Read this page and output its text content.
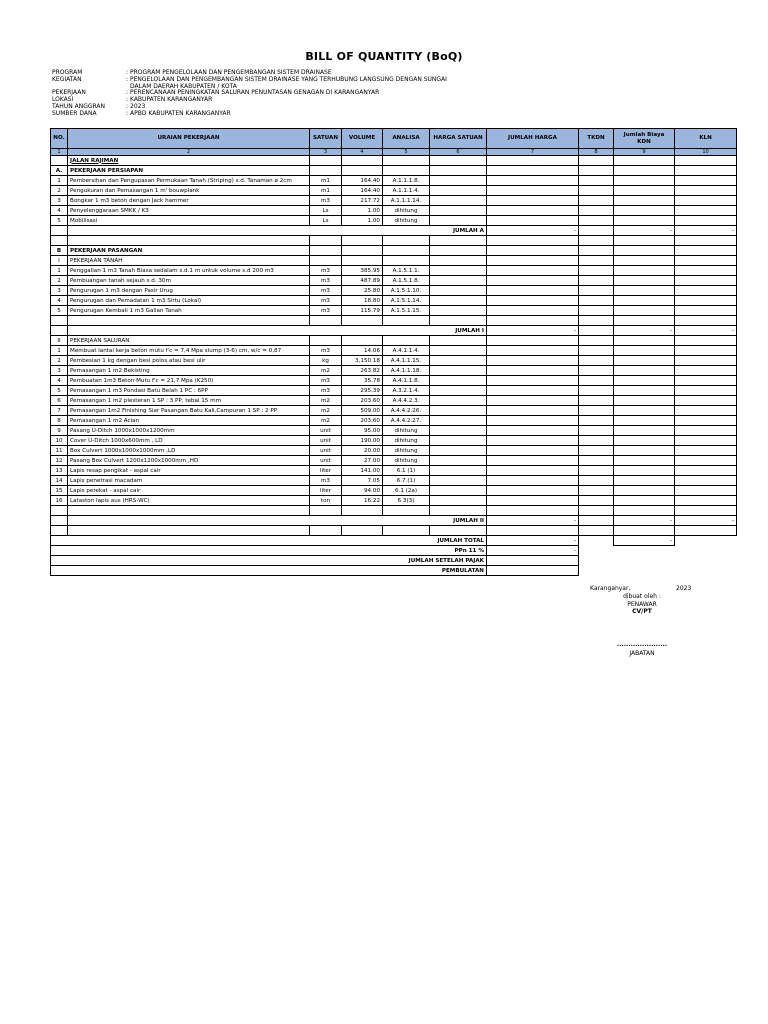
BILL OF QUANTITY (BoQ)
PROGRAM	: PROGRAM PENGELOLAAN DAN PENGEMBANGAN SISTEM DRAINASE
KEGIATAN	: PENGELOLAAN DAN PENGEMBANGAN SISTEM DRAINASE YANG TERHUBUNG LANGSUNG DENGAN SUNGAI
DALAM DAERAH KABUPATEN / KOTA
PEKERJAAN	: PERENCANAAN PENINGKATAN SALURAN PENUNTASAN GENAGAN DI KARANGANYAR
LOKASI	: KABUPATEN KARANGANYAR
TAHUN ANGGRAN	: 2023
SUMBER DANA	: APBD KABUPATEN KARANGANYAR
NO.	URAIAN PEKERJAAN	SATUAN	VOLUME	ANALISA	HARGA SATUAN	JUMLAH HARGA	TKDN	Jumlah Biaya KDN	KLN
1	2	3	4	5	6	7	8	9	10
	JALAN RAJIMAN								
A.	PEKERJAAN PERSIAPAN								
1	Pembersihan dan Pengupasan Permukaan Tanah (Striping) s.d. Tanaman ø 2cm	m1	164.40	A.1.1.1.8.					
2	Pengukuran dan Pemasangan 1 m' bouwplank	m1	164.40	A.1.1.1.4.					
3	Bongkar 1 m3 beton dengan Jack hammer	m3	217.72	A.1.1.1.14.					
4	Penyelenggaraan SMKK / K3	Ls	1.00	dihitung					
5	Mobilisasi	Ls	1.00	dihitung					
	JUMLAH A					-		-	-

B	PEKERJAAN PASANGAN								
I	PEKERJAAN TANAH								
1	Penggalian 1 m3 Tanah Biasa sedalam s.d.1 m untuk volume s.d 200 m3	m3	385.95	A.1.5.1.1.					
2	Pembuangan tanah sejauh s.d. 30m	m3	487.89	A.1.5.1.8.					
3	Pengurugan 1 m3 dengan Pasir Urug	m3	25.80	A.1.5.1.10.					
4	Pengurugan dan Pemadatan 1 m3 Sirtu (Lokal)	m3	18.80	A.1.5.1.14.					
5	Pengurugan Kembali 1 m3 Galian Tanah	m3	115.79	A.1.5.1.15.					

	JUMLAH I					-		-	-
II	PEKERJAAN SALURAN								
1	Membuat lantai kerja beton mutu f'c = 7,4 Mpa slump (3-6) cm, w/c = 0,87	m3	14.06	A.4.1.1.4.					
2	Pembesian 1 kg dengan besi polos atau besi ulir	kg	3,150.18	A.4.1.1.15.					
3	Pemasangan 1 m2 Bekisting	m2	263.82	A.4.1.1.18.					
4	Pembuatan 1m3 Beton Mutu f'c = 21,7 Mpa (K250)	m3	35.78	A.4.1.1.8.					
5	Pemasangan 1 m3 Pondasi Batu Belah 1 PC : 6PP	m3	295.39	A.3.2.1.4.					
6	Pemasangan 1 m2 plesteran 1 SP : 3 PP, tebal 15 mm	m2	203.60	A.4.4.2.3.					
7	Pemasangan 1m2 Finishing Siar Pasangan Batu Kali,Campuran 1 SP : 2 PP	m2	509.00	A.4.4.2.26.					
8	Pemasangan 1 m2 Acian	m2	203.60	A.4.4.2.27.					
9	Pasang U-Ditch 1000x1000x1200mm	unit	95.00	dihitung					
10	Cover U-Ditch 1000x600mm , LD	unit	190.00	dihitung					
11	Box Culvert 1000x1000x1000mm ,LD	unit	20.00	dihitung					
12	Pasang Box Culvert 1200x1200x1000mm ,HD	unit	27.00	dihitung					
13	Lapis resap pengikat - aspal cair	liter	141.00	6.1 (1)					
14	Lapis penetrasi macadam	m3	7.05	6.7.(1)					
15	Lapis perekat - aspal cair	liter	94.00	6.1 (2a)					
16	Lataston lapis aus (HRS-WC)	ton	16.22	6.3(3)					

	JUMLAH II					-		-	-

JUMLAH TOTAL						-		-	
PPn 11 %						-			
JUMLAH SETELAH PAJAK									
PEMBULATAN									
Karanganyar,	2023
dibuat oleh :
PENAWAR
CV/PT
......................
JABATAN
